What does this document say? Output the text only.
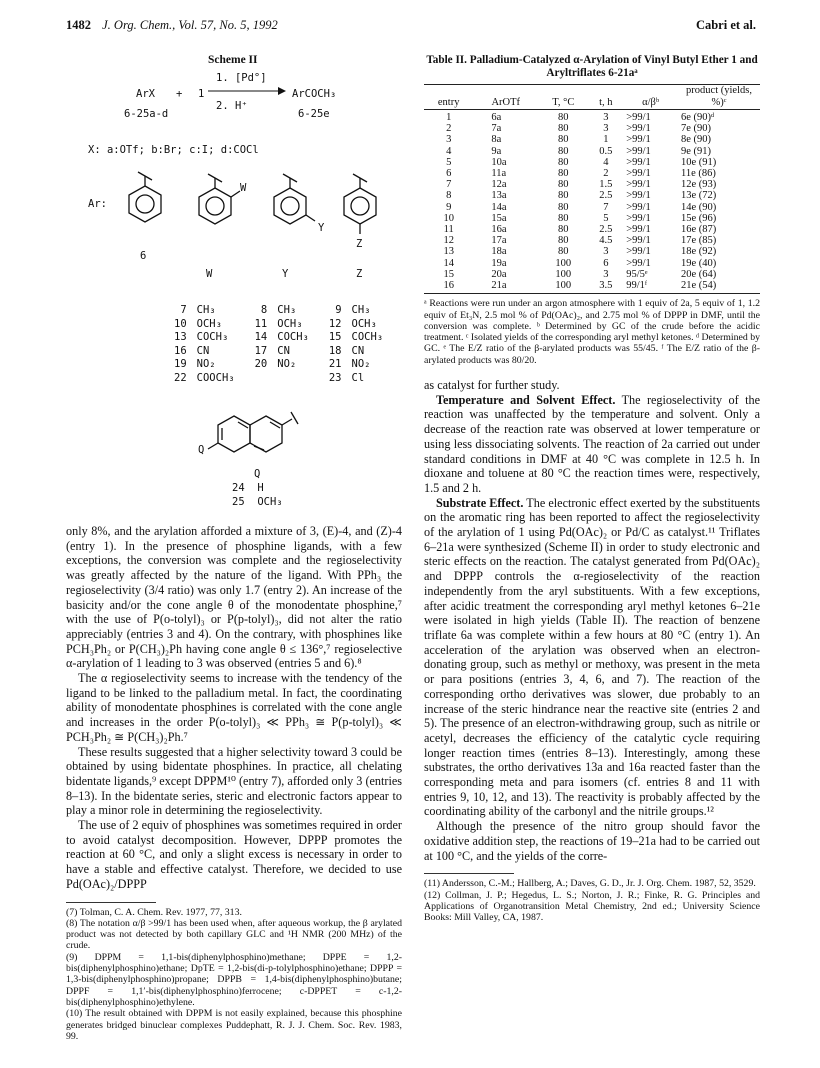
1482 J. Org. Chem., Vol. 57, No. 5, 1992	Cabri et al.
Scheme II
ArX + 1
1. [Pd°]
2. H⁺
ArCOCH₃
6-25a-d	6-25e
X: a:OTf; b:Br; c:I; d:COCl
Ar:
W
Y
Z
6
W	Y	Z
7	CH₃	8	CH₃	9	CH₃
10	OCH₃	11	OCH₃	12	OCH₃
13	COCH₃	14	COCH₃	15	COCH₃
16	CN	17	CN	18	CN
19	NO₂	20	NO₂	21	NO₂
22	COOCH₃			23	Cl
Q
Q
24 H
25 OCH₃

only 8%, and the arylation afforded a mixture of 3, (E)-4, and (Z)-4 (entry 1). In the presence of phosphine ligands, with a few exceptions, the conversion was complete and the regioselectivity was greatly affected by the nature of the ligand. With PPh₃ the regioselectivity (3/4 ratio) was only 1.7 (entry 2). An increase of the basicity and/or the cone angle θ of the monodentate phosphine,⁷ with the use of P(o-tolyl)₃ or P(p-tolyl)₃, did not alter the ratio appreciably (entries 3 and 4). On the contrary, with phosphines like PCH₃Ph₂ or P(CH₃)₂Ph having cone angle θ ≤ 136°,⁷ regioselective α-arylation of 1 leading to 3 was observed (entries 5 and 6).⁸

The α regioselectivity seems to increase with the tendency of the ligand to be linked to the palladium metal. In fact, the coordinating ability of monodentate phosphines is correlated with the cone angle and increases in the order P(o-tolyl)₃ ≪ PPh₃ ≅ P(p-tolyl)₃ ≪ PCH₃Ph₂ ≅ P(CH₃)₂Ph.⁷

These results suggested that a higher selectivity toward 3 could be obtained by using bidentate phosphines. In practice, all chelating bidentate ligands,⁹ except DPPM¹⁰ (entry 7), afforded only 3 (entries 8–13). In the bidentate series, steric and electronic factors appear to play a minor role in determining the regioselectivity.

The use of 2 equiv of phosphines was sometimes required in order to avoid catalyst decomposition. However, DPPP promotes the reaction at 60 °C, and only a slight excess is necessary in order to have a stable and effective catalyst. Therefore, we decided to use Pd(OAc)₂/DPPP

(7) Tolman, C. A. Chem. Rev. 1977, 77, 313.

(8) The notation α/β >99/1 has been used when, after aqueous workup, the β arylated product was not detected by both capillary GLC and ¹H NMR (200 MHz) of the crude.

(9) DPPM = 1,1-bis(diphenylphosphino)methane; DPPE = 1,2-bis(diphenylphosphino)ethane; DpTE = 1,2-bis(di-p-tolylphosphino)ethane; DPPP = 1,3-bis(diphenylphosphino)propane; DPPB = 1,4-bis(diphenylphosphino)butane; DPPF = 1,1′-bis(diphenylphosphino)ferrocene; c-DPPET = c-1,2-bis(diphenylphosphino)ethylene.

(10) The result obtained with DPPM is not easily explained, because this phosphine generates bridged binuclear complexes Puddephatt, R. J. J. Chem. Soc. Rev. 1983, 99.

Table II. Palladium-Catalyzed α-Arylation of Vinyl Butyl Ether 1 and Aryltriflates 6-21aᵃ
entry	ArOTf	T, °C	t, h	α/βᵇ	product (yields, %)ᶜ
1	6a	80	3	>99/1	6e (90)ᵈ
2	7a	80	3	>99/1	7e (90)
3	8a	80	1	>99/1	8e (90)
4	9a	80	0.5	>99/1	9e (91)
5	10a	80	4	>99/1	10e (91)
6	11a	80	2	>99/1	11e (86)
7	12a	80	1.5	>99/1	12e (93)
8	13a	80	2.5	>99/1	13e (72)
9	14a	80	7	>99/1	14e (90)
10	15a	80	5	>99/1	15e (96)
11	16a	80	2.5	>99/1	16e (87)
12	17a	80	4.5	>99/1	17e (85)
13	18a	80	3	>99/1	18e (92)
14	19a	100	6	>99/1	19e (40)
15	20a	100	3	95/5ᵉ	20e (64)
16	21a	100	3.5	99/1ᶠ	21e (54)

ᵃ Reactions were run under an argon atmosphere with 1 equiv of 2a, 5 equiv of 1, 1.2 equiv of Et₃N, 2.5 mol % of Pd(OAc)₂, and 2.75 mol % of DPPP in DMF, until the conversion was complete. ᵇ Determined by GC of the crude before the acidic treatment. ᶜ Isolated yields of the corresponding aryl methyl ketones. ᵈ Determined by GC. ᵉ The E/Z ratio of the β-arylated products was 55/45. ᶠ The E/Z ratio of the β-arylated products was 80/20.

as catalyst for further study.

Temperature and Solvent Effect. The regioselectivity of the reaction was unaffected by the temperature and solvent. Only a decrease of the reaction rate was observed at lower temperature or using less dissociating solvents. The reaction of 2a carried out under standard conditions in DMF at 40 °C was complete in 12.5 h. In dioxane and toluene at 80 °C the reaction times were, respectively, 1.5 and 2 h.

Substrate Effect. The electronic effect exerted by the substituents on the aromatic ring has been reported to affect the regioselectivity of the arylation of 1 using Pd(OAc)₂ or Pd/C as catalyst.¹¹ Triflates 6–21a were synthesized (Scheme II) in order to study electronic and steric effects on the reaction. The catalyst generated from Pd(OAc)₂ and DPPP controls the α-regioselectivity of the reaction independently from the aryl substituents. With a few exceptions, after acidic treatment the corresponding aryl methyl ketones 6–21e were isolated in high yields (Table II). The reaction of benzene triflate 6a was complete within a few hours at 80 °C (entry 1). An acceleration of the arylation was observed when an electron-donating group, such as methyl or methoxy, was present in the meta or para positions (entries 3, 4, 6, and 7). The reaction of the corresponding ortho derivatives was slower, due probably to an increase of the steric hindrance near the reactive site (entries 2 and 5). The presence of an electron-withdrawing group, such as nitrile or acetyl, decreases the efficiency of the catalytic cycle requiring longer reaction times (entries 8–13). Interestingly, among these substrates, the ortho derivatives 13a and 16a reacted faster than the corresponding meta and para isomers (cf. entries 8 and 11 with entries 9, 10, 12, and 13). The reactivity is probably affected by the coordinating ability of the carbonyl and the nitrile groups.¹²

Although the presence of the nitro group should favor the oxidative addition step, the reactions of 19–21a had to be carried out at 100 °C, and the yields of the corre-

(11) Andersson, C.-M.; Hallberg, A.; Daves, G. D., Jr. J. Org. Chem. 1987, 52, 3529.

(12) Collman, J. P.; Hegedus, L. S.; Norton, J. R.; Finke, R. G. Principles and Applications of Organotransition Metal Chemistry, 2nd ed.; University Science Books: Mill Valley, CA, 1987.
